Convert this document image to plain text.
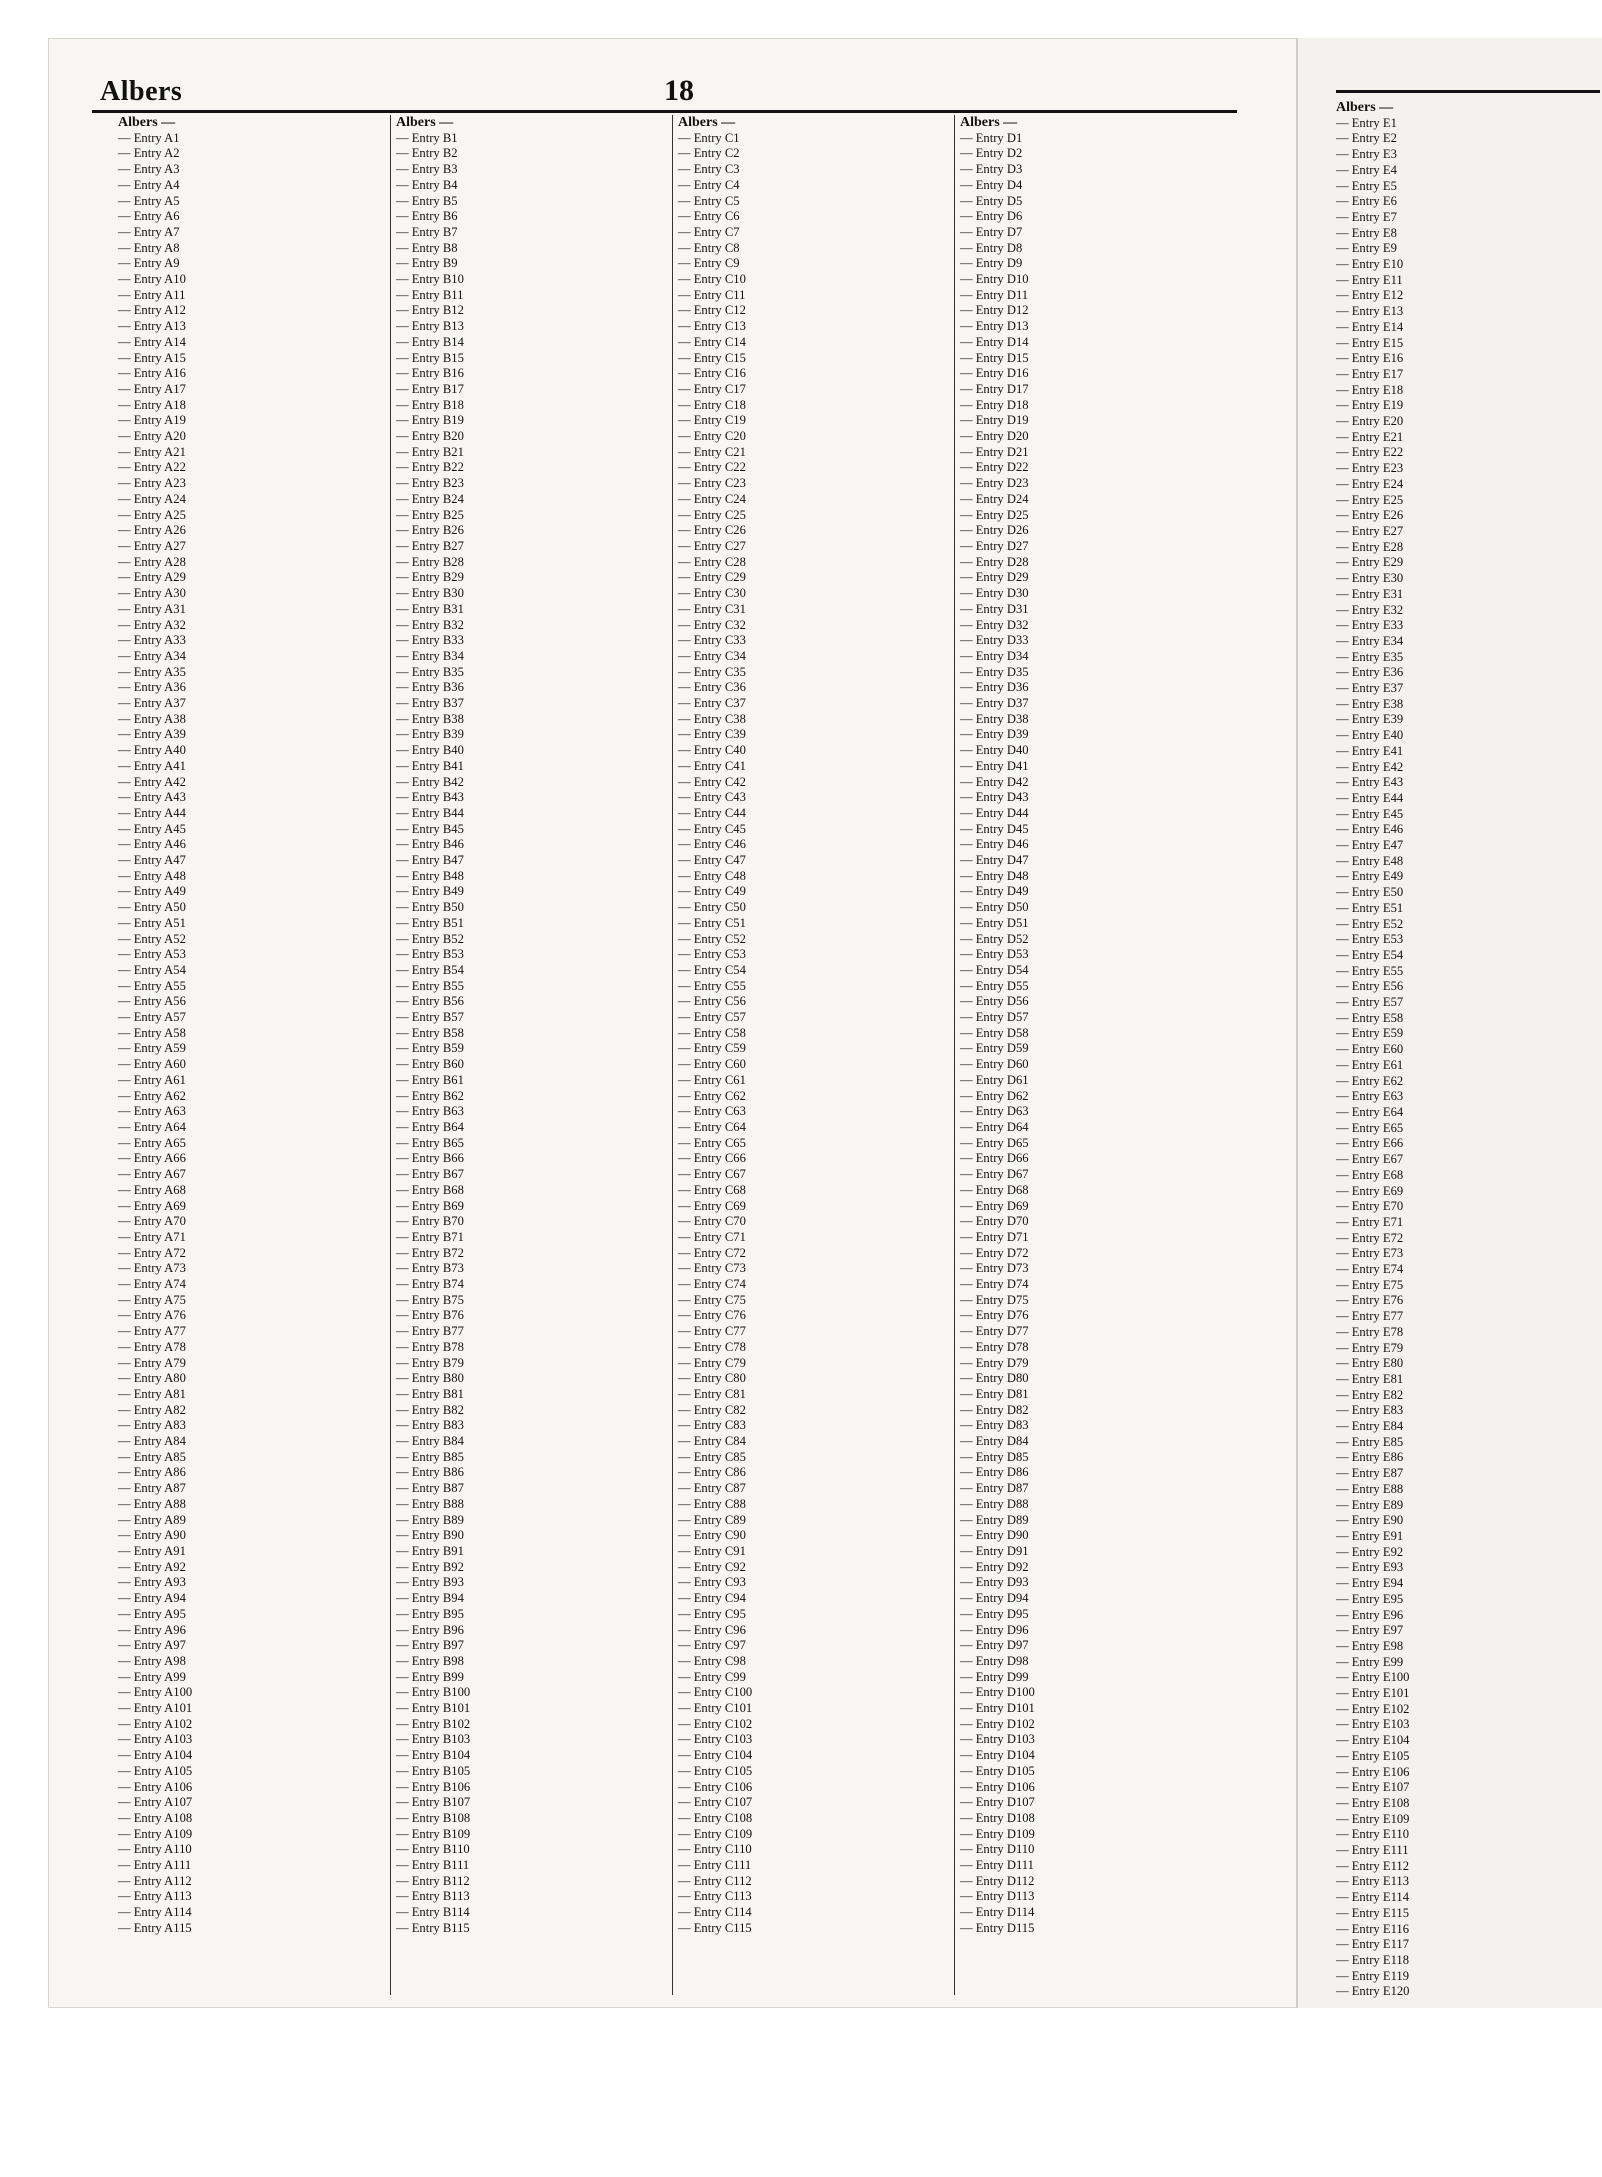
Albers	18
Albers —
— Entry A1
— Entry A2
— Entry A3
— Entry A4
— Entry A5
— Entry A6
— Entry A7
— Entry A8
— Entry A9
— Entry A10
— Entry A11
— Entry A12
— Entry A13
— Entry A14
— Entry A15
— Entry A16
— Entry A17
— Entry A18
— Entry A19
— Entry A20
— Entry A21
— Entry A22
— Entry A23
— Entry A24
— Entry A25
— Entry A26
— Entry A27
— Entry A28
— Entry A29
— Entry A30
— Entry A31
— Entry A32
— Entry A33
— Entry A34
— Entry A35
— Entry A36
— Entry A37
— Entry A38
— Entry A39
— Entry A40
— Entry A41
— Entry A42
— Entry A43
— Entry A44
— Entry A45
— Entry A46
— Entry A47
— Entry A48
— Entry A49
— Entry A50
— Entry A51
— Entry A52
— Entry A53
— Entry A54
— Entry A55
— Entry A56
— Entry A57
— Entry A58
— Entry A59
— Entry A60
— Entry A61
— Entry A62
— Entry A63
— Entry A64
— Entry A65
— Entry A66
— Entry A67
— Entry A68
— Entry A69
— Entry A70
— Entry A71
— Entry A72
— Entry A73
— Entry A74
— Entry A75
— Entry A76
— Entry A77
— Entry A78
— Entry A79
— Entry A80
— Entry A81
— Entry A82
— Entry A83
— Entry A84
— Entry A85
— Entry A86
— Entry A87
— Entry A88
— Entry A89
— Entry A90
— Entry A91
— Entry A92
— Entry A93
— Entry A94
— Entry A95
— Entry A96
— Entry A97
— Entry A98
— Entry A99
— Entry A100
— Entry A101
— Entry A102
— Entry A103
— Entry A104
— Entry A105
— Entry A106
— Entry A107
— Entry A108
— Entry A109
— Entry A110
— Entry A111
— Entry A112
— Entry A113
— Entry A114
— Entry A115
Albers —
— Entry B1
— Entry B2
— Entry B3
— Entry B4
— Entry B5
— Entry B6
— Entry B7
— Entry B8
— Entry B9
— Entry B10
— Entry B11
— Entry B12
— Entry B13
— Entry B14
— Entry B15
— Entry B16
— Entry B17
— Entry B18
— Entry B19
— Entry B20
— Entry B21
— Entry B22
— Entry B23
— Entry B24
— Entry B25
— Entry B26
— Entry B27
— Entry B28
— Entry B29
— Entry B30
— Entry B31
— Entry B32
— Entry B33
— Entry B34
— Entry B35
— Entry B36
— Entry B37
— Entry B38
— Entry B39
— Entry B40
— Entry B41
— Entry B42
— Entry B43
— Entry B44
— Entry B45
— Entry B46
— Entry B47
— Entry B48
— Entry B49
— Entry B50
— Entry B51
— Entry B52
— Entry B53
— Entry B54
— Entry B55
— Entry B56
— Entry B57
— Entry B58
— Entry B59
— Entry B60
— Entry B61
— Entry B62
— Entry B63
— Entry B64
— Entry B65
— Entry B66
— Entry B67
— Entry B68
— Entry B69
— Entry B70
— Entry B71
— Entry B72
— Entry B73
— Entry B74
— Entry B75
— Entry B76
— Entry B77
— Entry B78
— Entry B79
— Entry B80
— Entry B81
— Entry B82
— Entry B83
— Entry B84
— Entry B85
— Entry B86
— Entry B87
— Entry B88
— Entry B89
— Entry B90
— Entry B91
— Entry B92
— Entry B93
— Entry B94
— Entry B95
— Entry B96
— Entry B97
— Entry B98
— Entry B99
— Entry B100
— Entry B101
— Entry B102
— Entry B103
— Entry B104
— Entry B105
— Entry B106
— Entry B107
— Entry B108
— Entry B109
— Entry B110
— Entry B111
— Entry B112
— Entry B113
— Entry B114
— Entry B115
Albers —
— Entry C1
— Entry C2
— Entry C3
— Entry C4
— Entry C5
— Entry C6
— Entry C7
— Entry C8
— Entry C9
— Entry C10
— Entry C11
— Entry C12
— Entry C13
— Entry C14
— Entry C15
— Entry C16
— Entry C17
— Entry C18
— Entry C19
— Entry C20
— Entry C21
— Entry C22
— Entry C23
— Entry C24
— Entry C25
— Entry C26
— Entry C27
— Entry C28
— Entry C29
— Entry C30
— Entry C31
— Entry C32
— Entry C33
— Entry C34
— Entry C35
— Entry C36
— Entry C37
— Entry C38
— Entry C39
— Entry C40
— Entry C41
— Entry C42
— Entry C43
— Entry C44
— Entry C45
— Entry C46
— Entry C47
— Entry C48
— Entry C49
— Entry C50
— Entry C51
— Entry C52
— Entry C53
— Entry C54
— Entry C55
— Entry C56
— Entry C57
— Entry C58
— Entry C59
— Entry C60
— Entry C61
— Entry C62
— Entry C63
— Entry C64
— Entry C65
— Entry C66
— Entry C67
— Entry C68
— Entry C69
— Entry C70
— Entry C71
— Entry C72
— Entry C73
— Entry C74
— Entry C75
— Entry C76
— Entry C77
— Entry C78
— Entry C79
— Entry C80
— Entry C81
— Entry C82
— Entry C83
— Entry C84
— Entry C85
— Entry C86
— Entry C87
— Entry C88
— Entry C89
— Entry C90
— Entry C91
— Entry C92
— Entry C93
— Entry C94
— Entry C95
— Entry C96
— Entry C97
— Entry C98
— Entry C99
— Entry C100
— Entry C101
— Entry C102
— Entry C103
— Entry C104
— Entry C105
— Entry C106
— Entry C107
— Entry C108
— Entry C109
— Entry C110
— Entry C111
— Entry C112
— Entry C113
— Entry C114
— Entry C115
Albers —
— Entry D1
— Entry D2
— Entry D3
— Entry D4
— Entry D5
— Entry D6
— Entry D7
— Entry D8
— Entry D9
— Entry D10
— Entry D11
— Entry D12
— Entry D13
— Entry D14
— Entry D15
— Entry D16
— Entry D17
— Entry D18
— Entry D19
— Entry D20
— Entry D21
— Entry D22
— Entry D23
— Entry D24
— Entry D25
— Entry D26
— Entry D27
— Entry D28
— Entry D29
— Entry D30
— Entry D31
— Entry D32
— Entry D33
— Entry D34
— Entry D35
— Entry D36
— Entry D37
— Entry D38
— Entry D39
— Entry D40
— Entry D41
— Entry D42
— Entry D43
— Entry D44
— Entry D45
— Entry D46
— Entry D47
— Entry D48
— Entry D49
— Entry D50
— Entry D51
— Entry D52
— Entry D53
— Entry D54
— Entry D55
— Entry D56
— Entry D57
— Entry D58
— Entry D59
— Entry D60
— Entry D61
— Entry D62
— Entry D63
— Entry D64
— Entry D65
— Entry D66
— Entry D67
— Entry D68
— Entry D69
— Entry D70
— Entry D71
— Entry D72
— Entry D73
— Entry D74
— Entry D75
— Entry D76
— Entry D77
— Entry D78
— Entry D79
— Entry D80
— Entry D81
— Entry D82
— Entry D83
— Entry D84
— Entry D85
— Entry D86
— Entry D87
— Entry D88
— Entry D89
— Entry D90
— Entry D91
— Entry D92
— Entry D93
— Entry D94
— Entry D95
— Entry D96
— Entry D97
— Entry D98
— Entry D99
— Entry D100
— Entry D101
— Entry D102
— Entry D103
— Entry D104
— Entry D105
— Entry D106
— Entry D107
— Entry D108
— Entry D109
— Entry D110
— Entry D111
— Entry D112
— Entry D113
— Entry D114
— Entry D115
Albers —
— Entry E1
— Entry E2
— Entry E3
— Entry E4
— Entry E5
— Entry E6
— Entry E7
— Entry E8
— Entry E9
— Entry E10
— Entry E11
— Entry E12
— Entry E13
— Entry E14
— Entry E15
— Entry E16
— Entry E17
— Entry E18
— Entry E19
— Entry E20
— Entry E21
— Entry E22
— Entry E23
— Entry E24
— Entry E25
— Entry E26
— Entry E27
— Entry E28
— Entry E29
— Entry E30
— Entry E31
— Entry E32
— Entry E33
— Entry E34
— Entry E35
— Entry E36
— Entry E37
— Entry E38
— Entry E39
— Entry E40
— Entry E41
— Entry E42
— Entry E43
— Entry E44
— Entry E45
— Entry E46
— Entry E47
— Entry E48
— Entry E49
— Entry E50
— Entry E51
— Entry E52
— Entry E53
— Entry E54
— Entry E55
— Entry E56
— Entry E57
— Entry E58
— Entry E59
— Entry E60
— Entry E61
— Entry E62
— Entry E63
— Entry E64
— Entry E65
— Entry E66
— Entry E67
— Entry E68
— Entry E69
— Entry E70
— Entry E71
— Entry E72
— Entry E73
— Entry E74
— Entry E75
— Entry E76
— Entry E77
— Entry E78
— Entry E79
— Entry E80
— Entry E81
— Entry E82
— Entry E83
— Entry E84
— Entry E85
— Entry E86
— Entry E87
— Entry E88
— Entry E89
— Entry E90
— Entry E91
— Entry E92
— Entry E93
— Entry E94
— Entry E95
— Entry E96
— Entry E97
— Entry E98
— Entry E99
— Entry E100
— Entry E101
— Entry E102
— Entry E103
— Entry E104
— Entry E105
— Entry E106
— Entry E107
— Entry E108
— Entry E109
— Entry E110
— Entry E111
— Entry E112
— Entry E113
— Entry E114
— Entry E115
— Entry E116
— Entry E117
— Entry E118
— Entry E119
— Entry E120
